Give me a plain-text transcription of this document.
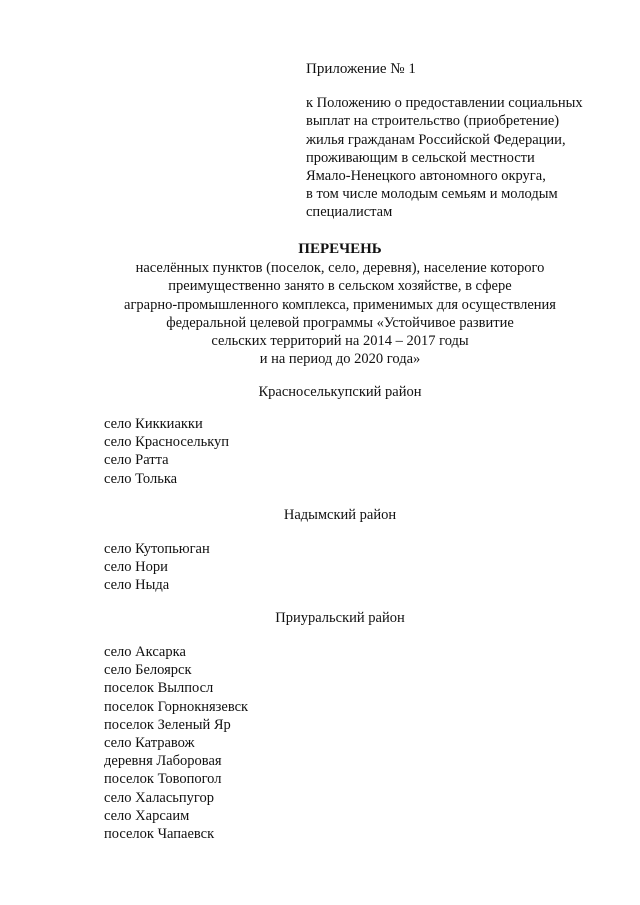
Приложение № 1
к Положению о предоставлении социальных
выплат на строительство (приобретение)
жилья гражданам Российской Федерации,
проживающим в сельской местности
Ямало-Ненецкого автономного округа,
в том числе молодым семьям и молодым
специалистам
ПЕРЕЧЕНЬ
населённых пунктов (поселок, село, деревня), население которого
преимущественно занято в сельском хозяйстве, в сфере
аграрно-промышленного комплекса, применимых для осуществления
федеральной целевой программы «Устойчивое развитие
сельских территорий на 2014 – 2017 годы
и на период до 2020 года»
Красноселькупский район
село Киккиакки
село Красноселькуп
село Ратта
село Толька
Надымский район
село Кутопьюган
село Нори
село Ныда
Приуральский район
село Аксарка
село Белоярск
поселок Вылпосл
поселок Горнокнязевск
поселок Зеленый Яр
село Катравож
деревня Лаборовая
поселок Товопогол
село Халасьпугор
село Харсаим
поселок Чапаевск
